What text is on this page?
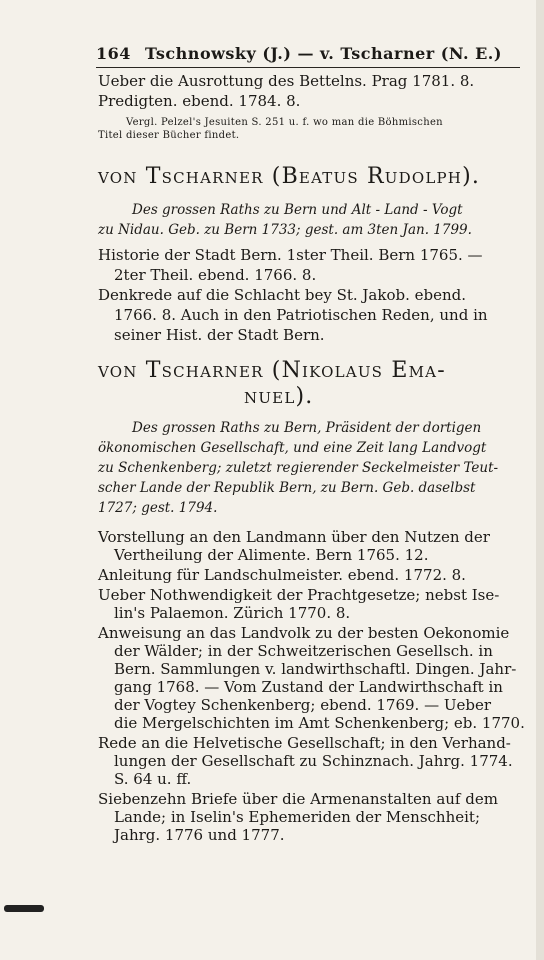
164 Tschnowsky (J.) — v. Tscharner (N. E.)
Ueber die Ausrottung des Bettelns. Prag 1781. 8.
Predigten. ebend. 1784. 8.
Vergl. Pelzel's Jesuiten S. 251 u. f. wo man die Böhmischen
Titel dieser Bücher findet.
von Tscharner (Beatus Rudolph).
Des grossen Raths zu Bern und Alt - Land - Vogt
zu Nidau. Geb. zu Bern 1733; gest. am 3ten Jan. 1799.
Historie der Stadt Bern. 1ster Theil. Bern 1765. —
2ter Theil. ebend. 1766. 8.
Denkrede auf die Schlacht bey St. Jakob. ebend.
1766. 8. Auch in den Patriotischen Reden, und in
seiner Hist. der Stadt Bern.
von Tscharner (Nikolaus Ema-
nuel).
Des grossen Raths zu Bern, Präsident der dortigen
ökonomischen Gesellschaft, und eine Zeit lang Landvogt
zu Schenkenberg; zuletzt regierender Seckelmeister Teut-
scher Lande der Republik Bern, zu Bern. Geb. daselbst
1727; gest. 1794.
Vorstellung an den Landmann über den Nutzen der
Vertheilung der Alimente. Bern 1765. 12.
Anleitung für Landschulmeister. ebend. 1772. 8.
Ueber Nothwendigkeit der Prachtgesetze; nebst Ise-
lin's Palaemon. Zürich 1770. 8.
Anweisung an das Landvolk zu der besten Oekonomie
der Wälder; in der Schweitzerischen Gesellsch. in
Bern. Sammlungen v. landwirthschaftl. Dingen. Jahr-
gang 1768. — Vom Zustand der Landwirthschaft in
der Vogtey Schenkenberg; ebend. 1769. — Ueber
die Mergelschichten im Amt Schenkenberg; eb. 1770.
Rede an die Helvetische Gesellschaft; in den Verhand-
lungen der Gesellschaft zu Schinznach. Jahrg. 1774.
S. 64 u. ff.
Siebenzehn Briefe über die Armenanstalten auf dem
Lande; in Iselin's Ephemeriden der Menschheit;
Jahrg. 1776 und 1777.
